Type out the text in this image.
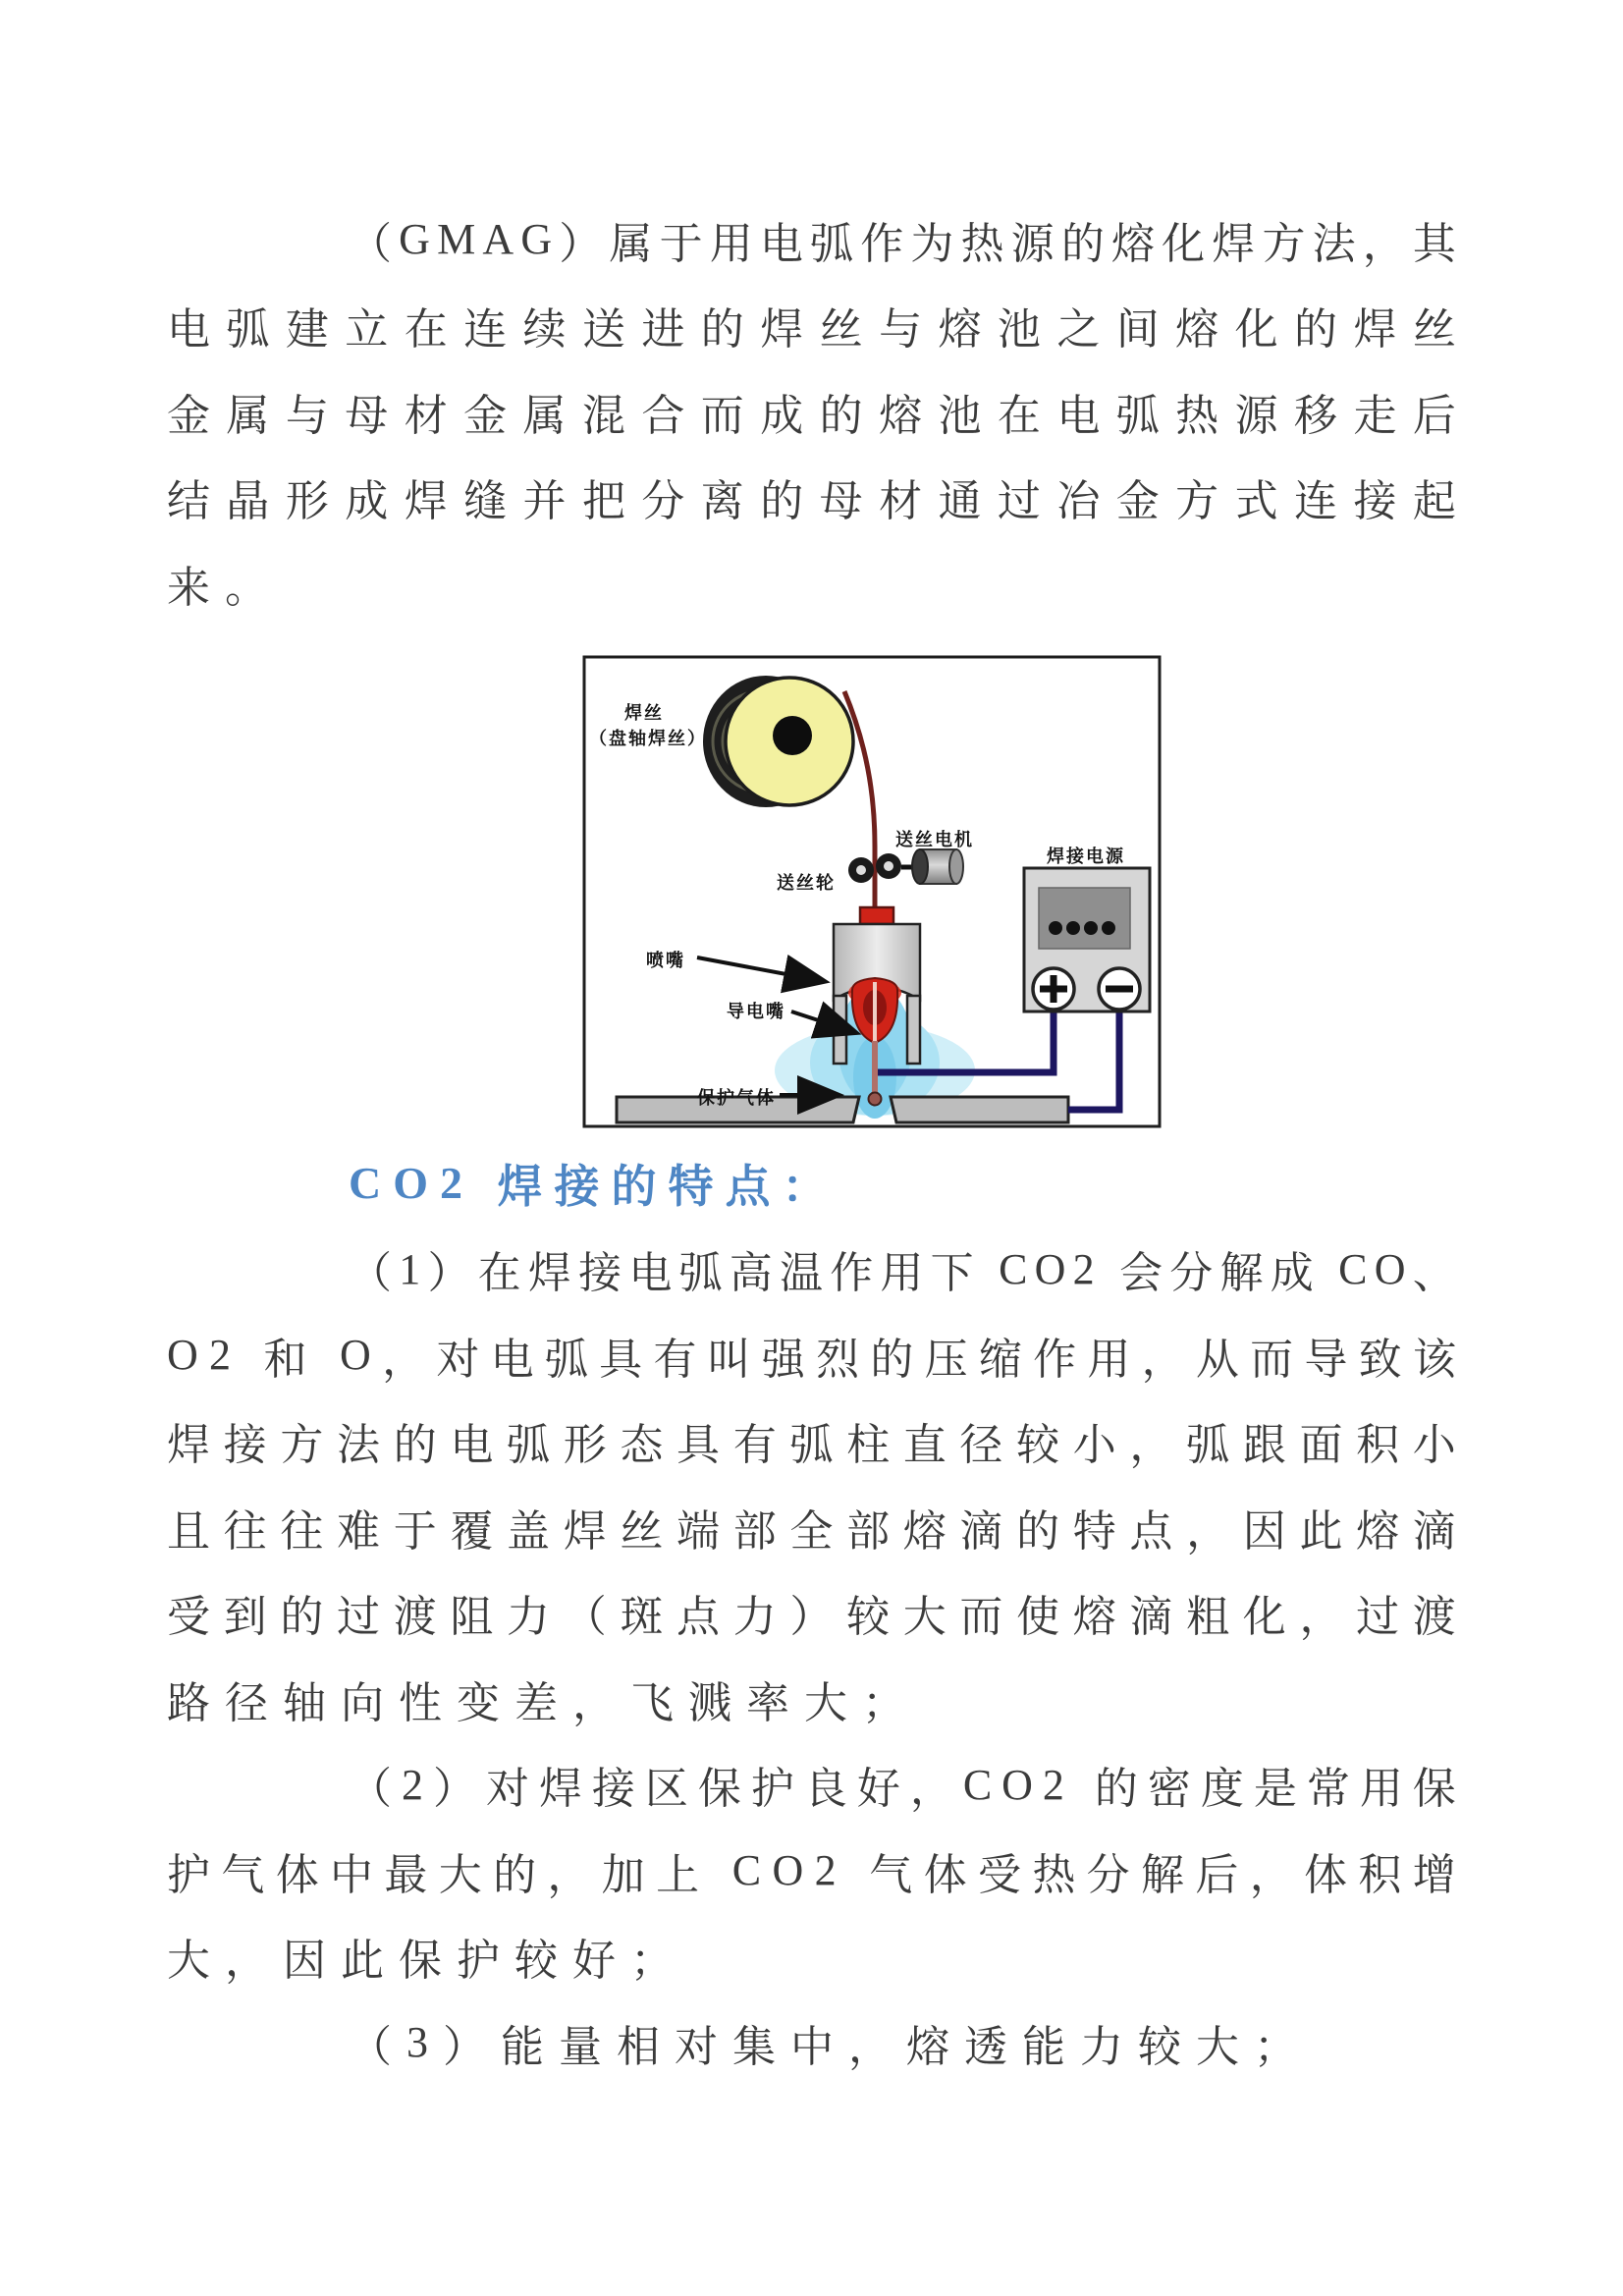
（ G M A G ） 属 于 用 电 弧 作 为 热 源 的 熔 化 焊 方 法 ， 其
电 弧 建 立 在 连 续 送 进 的 焊 丝 与 熔 池 之 间 熔 化 的 焊 丝
金 属 与 母 材 金 属 混 合 而 成 的 熔 池 在 电 弧 热 源 移 走 后
结 晶 形 成 焊 缝 并 把 分 离 的 母 材 通 过 冶 金 方 式 连 接 起
来 。
焊丝
（盘轴焊丝）
送丝电机
送丝轮
喷嘴
导电嘴
保护气体
焊接电源
C O 2
焊 接 的 特 点 ：
（ 1 ） 在 焊 接 电 弧 高 温 作 用 下
C O 2
会 分 解 成
C O 、
O 2
和
O ， 对 电 弧 具 有 叫 强 烈 的 压 缩 作 用 ， 从 而 导 致 该
焊 接 方 法 的 电 弧 形 态 具 有 弧 柱 直 径 较 小 ， 弧 跟 面 积 小
且 往 往 难 于 覆 盖 焊 丝 端 部 全 部 熔 滴 的 特 点 ， 因 此 熔 滴
受 到 的 过 渡 阻 力 （ 斑 点 力 ） 较 大 而 使 熔 滴 粗 化 ， 过 渡
路 径 轴 向 性 变 差 ， 飞 溅 率 大 ；
（ 2 ） 对 焊 接 区 保 护 良 好 ， C O 2
的 密 度 是 常 用 保
护 气 体 中 最 大 的 ， 加 上
C O 2
气 体 受 热 分 解 后 ， 体 积 增
大 ， 因 此 保 护 较 好 ；
（ 3 ） 能 量 相 对 集 中 ， 熔 透 能 力 较 大 ；
